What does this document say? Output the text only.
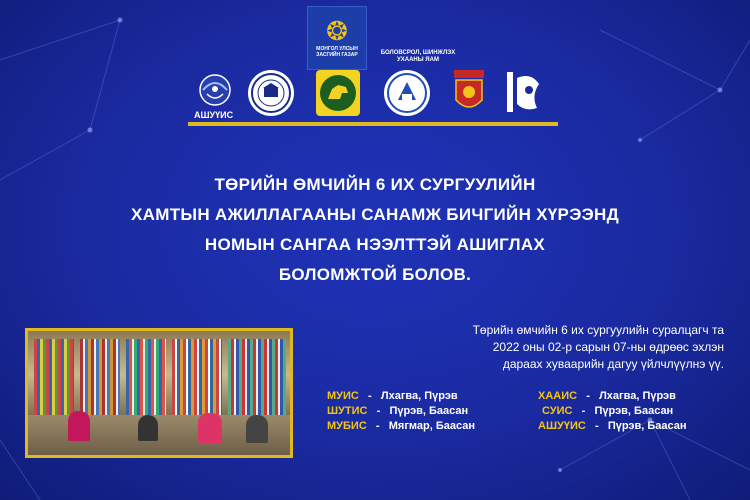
❂
МОНГОЛ УЛСЫН ЗАСГИЙН ГАЗАР	БОЛОВСРОЛ, ШИНЖЛЭХ УХААНЫ ЯАМ
АШУҮИС
ТӨРИЙН ӨМЧИЙН 6 ИХ СУРГУУЛИЙН
ХАМТЫН АЖИЛЛАГААНЫ САНАМЖ БИЧГИЙН ХҮРЭЭНД
НОМЫН САНГАА НЭЭЛТТЭЙ АШИГЛАХ
БОЛОМЖТОЙ БОЛОВ.
Төрийн өмчийн 6 их сургуулийн суралцагч та
2022 оны 02-р сарын 07-ны өдрөөс эхлэн
дараах хуваарийн дагуу үйлчлүүлнэ үү.
МУИС - Лхагва, Пүрэв	ХААИС - Лхагва, Пүрэв
ШУТИС - Пүрэв, Баасан	СУИС - Пүрэв, Баасан
МУБИС - Мягмар, Баасан	АШУҮИС - Пүрэв, Баасан
